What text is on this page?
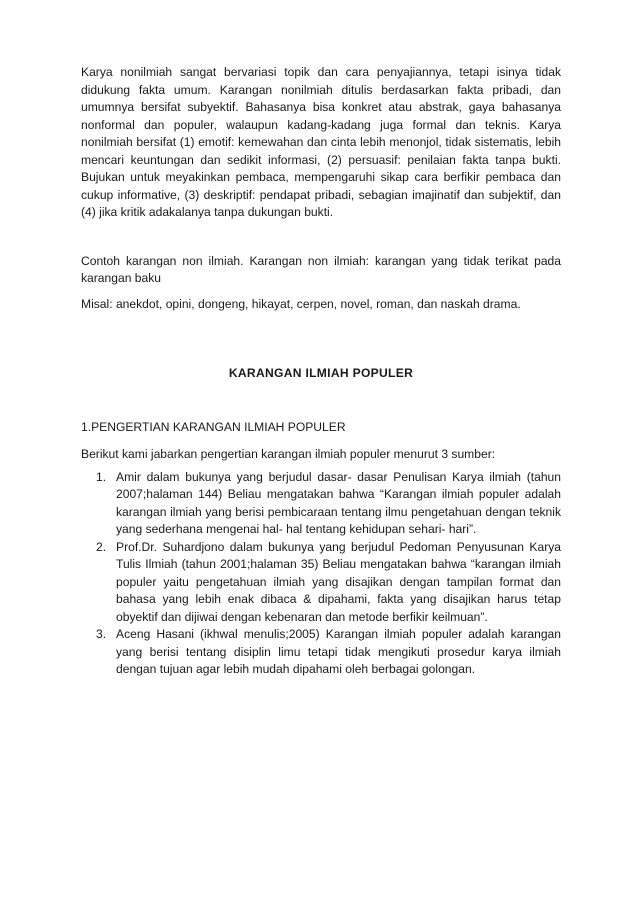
Karya nonilmiah sangat bervariasi topik dan cara penyajiannya, tetapi isinya tidak didukung fakta umum. Karangan nonilmiah ditulis berdasarkan fakta pribadi, dan umumnya bersifat subyektif. Bahasanya bisa konkret atau abstrak, gaya bahasanya nonformal dan populer, walaupun kadang-kadang juga formal dan teknis. Karya nonilmiah bersifat (1) emotif: kemewahan dan cinta lebih menonjol, tidak sistematis, lebih mencari keuntungan dan sedikit informasi, (2) persuasif: penilaian fakta tanpa bukti. Bujukan untuk meyakinkan pembaca, mempengaruhi sikap cara berfikir pembaca dan cukup informative, (3) deskriptif: pendapat pribadi, sebagian imajinatif dan subjektif, dan (4) jika kritik adakalanya tanpa dukungan bukti.

Contoh karangan non ilmiah. Karangan non ilmiah: karangan yang tidak terikat pada karangan baku

Misal: anekdot, opini, dongeng, hikayat, cerpen, novel, roman, dan naskah drama.

KARANGAN ILMIAH POPULER

1.PENGERTIAN KARANGAN ILMIAH POPULER

Berikut kami jabarkan pengertian karangan ilmiah populer menurut 3 sumber:

1. Amir dalam bukunya yang berjudul dasar- dasar Penulisan Karya ilmiah (tahun 2007;halaman 144) Beliau mengatakan bahwa “Karangan ilmiah populer adalah karangan ilmiah yang berisi pembicaraan tentang ilmu pengetahuan dengan teknik yang sederhana mengenai hal- hal tentang kehidupan sehari- hari”.
2. Prof.Dr. Suhardjono dalam bukunya yang berjudul Pedoman Penyusunan Karya Tulis Ilmiah (tahun 2001;halaman 35) Beliau mengatakan bahwa “karangan ilmiah populer yaitu pengetahuan ilmiah yang disajikan dengan tampilan format dan bahasa yang lebih enak dibaca & dipahami, fakta yang disajikan harus tetap obyektif dan dijiwai dengan kebenaran dan metode berfikir keilmuan”.
3. Aceng Hasani (ikhwal menulis;2005) Karangan ilmiah populer adalah karangan yang berisi tentang disiplin limu tetapi tidak mengikuti prosedur karya ilmiah dengan tujuan agar lebih mudah dipahami oleh berbagai golongan.
